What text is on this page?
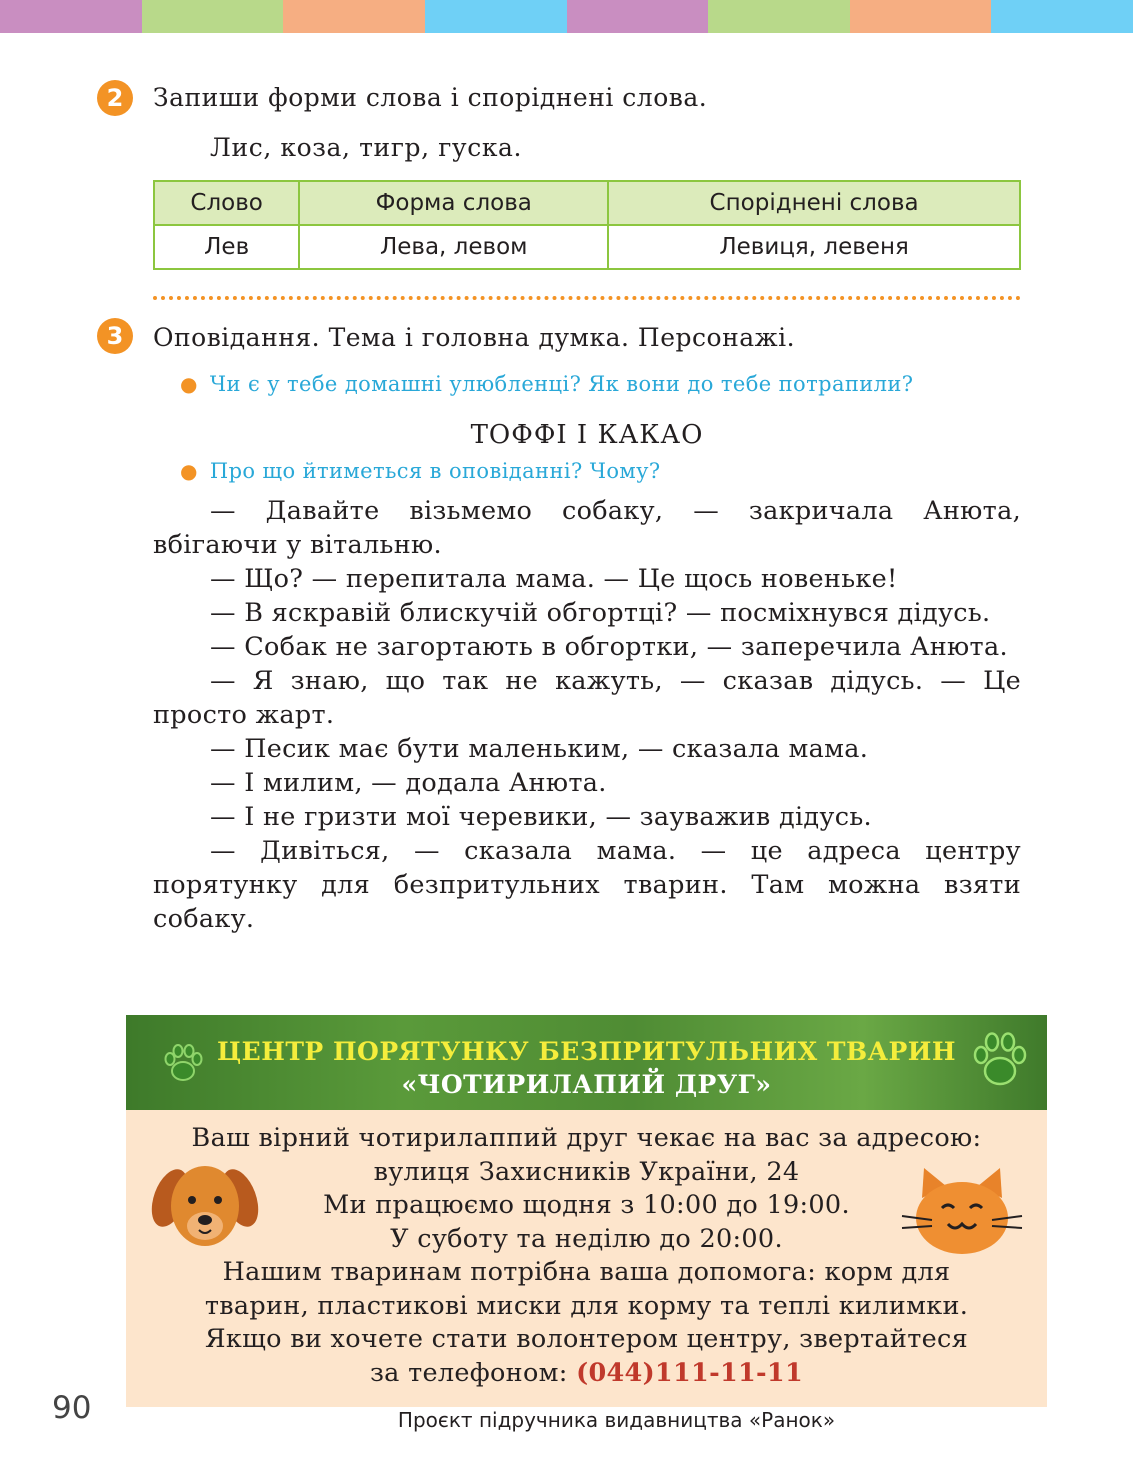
2	Запиши форми слова і споріднені слова.
Лис, коза, тигр, гуска.
Слово	Форма слова	Споріднені слова
Лев	Лева, левом	Левиця, левеня
3	Оповідання. Тема і головна думка. Персонажі.
● Чи є у тебе домашні улюбленці? Як вони до тебе потрапили?
ТОФФІ І КАКАО
● Про що йтиметься в оповіданні? Чому?

— Давайте візьмемо собаку, — закричала Анюта, вбігаючи у вітальню.

— Що? — перепитала мама. — Це щось новеньке!

— В яскравій блискучій обгортці? — посміхнувся дідусь.

— Собак не загортають в обгортки, — заперечила Анюта.

— Я знаю, що так не кажуть, — сказав дідусь. — Це просто жарт.

— Песик має бути маленьким, — сказала мама.

— І милим, — додала Анюта.

— І не гризти мої черевики, — зауважив дідусь.

— Дивіться, — сказала мама. — це адреса центру порятунку для безпритульних тварин. Там можна взяти собаку.

ЦЕНТР ПОРЯТУНКУ БЕЗПРИТУЛЬНИХ ТВАРИН
«ЧОТИРИЛАПИЙ ДРУГ»
Ваш вірний чотирилаппий друг чекає на вас за адресою:
вулиця Захисників України, 24
Ми працюємо щодня з 10:00 до 19:00.
У суботу та неділю до 20:00.
Нашим тваринам потрібна ваша допомога: корм для
тварин, пластикові миски для корму та теплі килимки.
Якщо ви хочете стати волонтером центру, звертайтеся
за телефоном: (044)111-11-11
90	Проєкт підручника видавництва «Ранок»
